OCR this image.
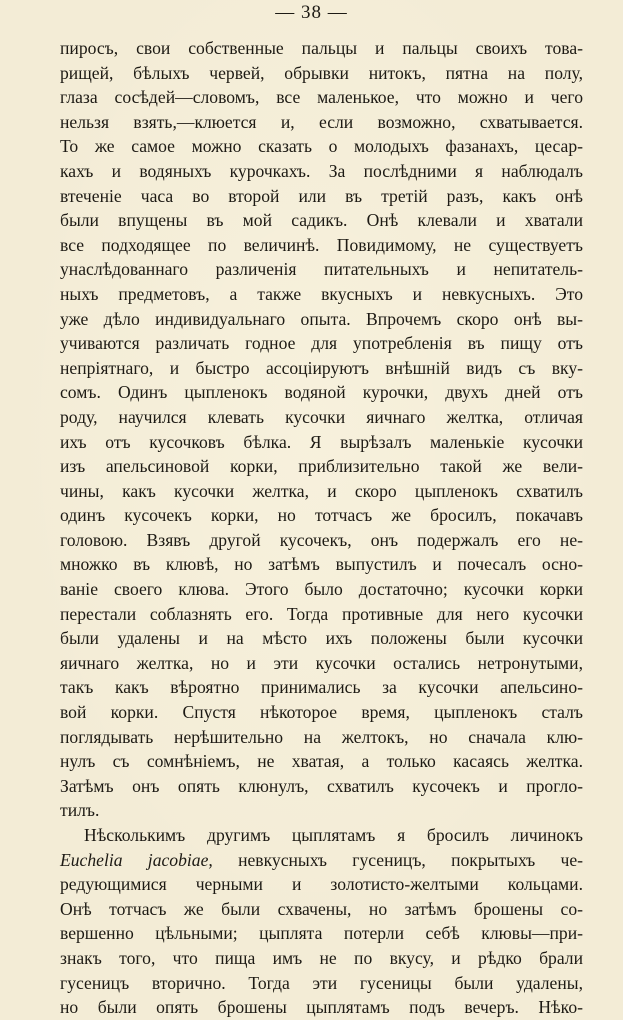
— 38 —
пиросъ, свои собственные пальцы и пальцы своихъ това-
рищей, бѣлыхъ червей, обрывки нитокъ, пятна на полу,
глаза сосѣдей—словомъ, все маленькое, что можно и чего
нельзя взять,—клюется и, если возможно, схватывается.
То же самое можно сказать о молодыхъ фазанахъ, цесар-
кахъ и водяныхъ курочкахъ. За послѣдними я наблюдалъ
втеченіе часа во второй или въ третій разъ, какъ онѣ
были впущены въ мой садикъ. Онѣ клевали и хватали
все подходящее по величинѣ. Повидимому, не существуетъ
унаслѣдованнаго различенія питательныхъ и непитатель-
ныхъ предметовъ, а также вкусныхъ и невкусныхъ. Это
уже дѣло индивидуальнаго опыта. Впрочемъ скоро онѣ вы-
учиваются различать годное для употребленія въ пищу отъ
непріятнаго, и быстро ассоціируютъ внѣшній видъ съ вку-
сомъ. Одинъ цыпленокъ водяной курочки, двухъ дней отъ
роду, научился клевать кусочки яичнаго желтка, отличая
ихъ отъ кусочковъ бѣлка. Я вырѣзалъ маленькіе кусочки
изъ апельсиновой корки, приблизительно такой же вели-
чины, какъ кусочки желтка, и скоро цыпленокъ схватилъ
одинъ кусочекъ корки, но тотчасъ же бросилъ, покачавъ
головою. Взявъ другой кусочекъ, онъ подержалъ его не-
множко въ клювѣ, но затѣмъ выпустилъ и почесалъ осно-
ваніе своего клюва. Этого было достаточно; кусочки корки
перестали соблазнять его. Тогда противные для него кусочки
были удалены и на мѣсто ихъ положены были кусочки
яичнаго желтка, но и эти кусочки остались нетронутыми,
такъ какъ вѣроятно принимались за кусочки апельсино-
вой корки. Спустя нѣкоторое время, цыпленокъ сталъ
поглядывать нерѣшительно на желтокъ, но сначала клю-
нулъ съ сомнѣніемъ, не хватая, а только касаясь желтка.
Затѣмъ онъ опять клюнулъ, схватилъ кусочекъ и прогло-
тилъ.
Нѣсколькимъ другимъ цыплятамъ я бросилъ личинокъ
Euchelia jacobiae, невкусныхъ гусеницъ, покрытыхъ че-
редующимися черными и золотисто-желтыми кольцами.
Онѣ тотчасъ же были схвачены, но затѣмъ брошены со-
вершенно цѣльными; цыплята потерли себѣ клювы—при-
знакъ того, что пища имъ не по вкусу, и рѣдко брали
гусеницъ вторично. Тогда эти гусеницы были удалены,
но были опять брошены цыплятамъ подъ вечеръ. Нѣко-
